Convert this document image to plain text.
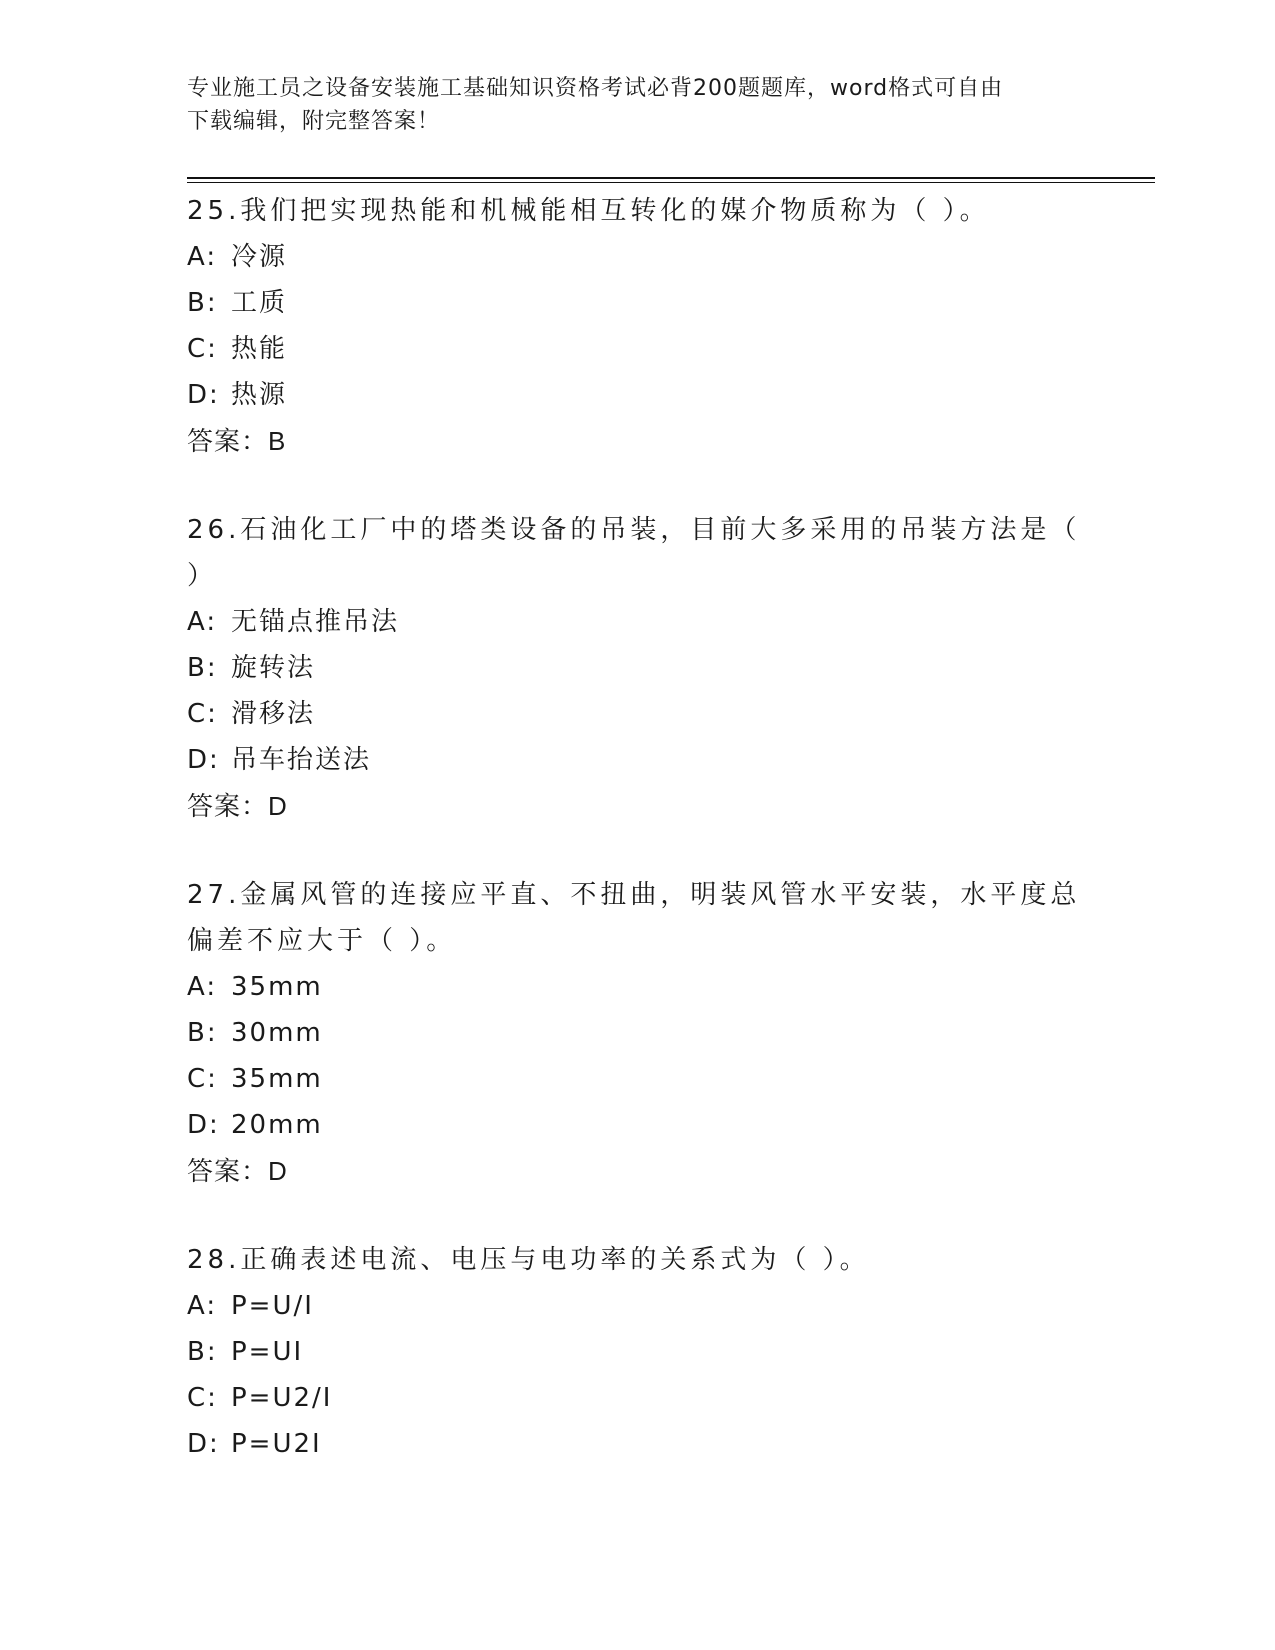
专业施工员之设备安装施工基础知识资格考试必背200题题库，word格式可自由
下载编辑，附完整答案！

25.我们把实现热能和机械能相互转化的媒介物质称为（ ）。

A: 冷源
B: 工质
C: 热能
D: 热源
答案：B

26.石油化工厂中的塔类设备的吊装，目前大多采用的吊装方法是（ ）

A: 无锚点推吊法
B: 旋转法
C: 滑移法
D: 吊车抬送法
答案：D

27.金属风管的连接应平直、不扭曲，明装风管水平安装，水平度总偏差不应大于（ ）。

A: 35mm
B: 30mm
C: 35mm
D: 20mm
答案：D

28.正确表述电流、电压与电功率的关系式为（ ）。

A: P=U/I
B: P=UI
C: P=U2/I
D: P=U2I
